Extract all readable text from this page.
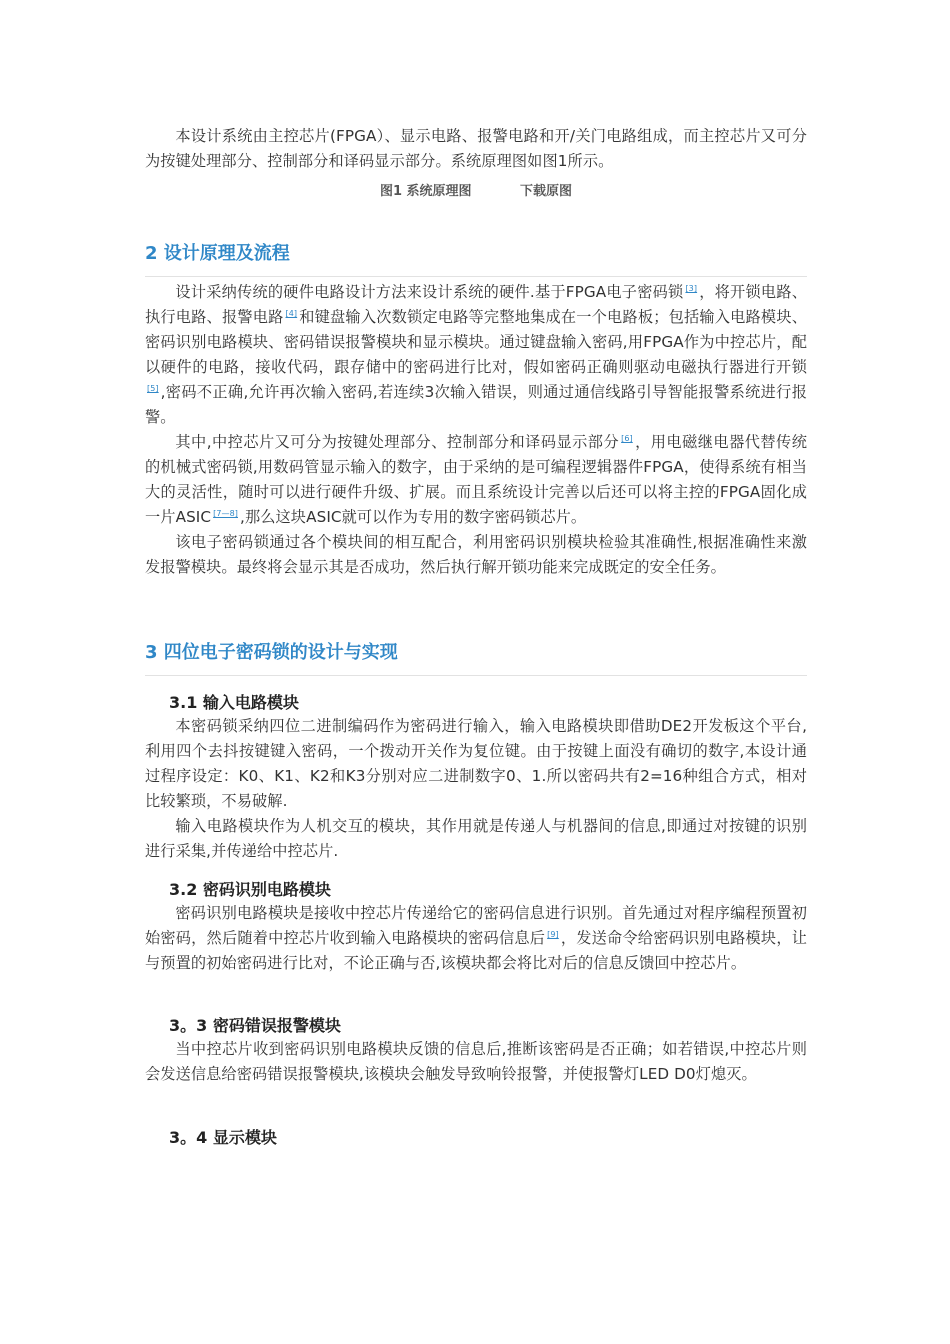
本设计系统由主控芯片(FPGA）、显示电路、报警电路和开/关门电路组成，而主控芯片又可分为按键处理部分、控制部分和译码显示部分。系统原理图如图1所示。

图1 系统原理图	下载原图

2 设计原理及流程

设计采纳传统的硬件电路设计方法来设计系统的硬件.基于FPGA电子密码锁 [3] ，将开锁电路、执行电路、报警电路 [4] 和键盘输入次数锁定电路等完整地集成在一个电路板；包括输入电路模块、密码识别电路模块、密码错误报警模块和显示模块。通过键盘输入密码,用FPGA作为中控芯片，配以硬件的电路，接收代码，跟存储中的密码进行比对，假如密码正确则驱动电磁执行器进行开锁[5] ,密码不正确,允许再次输入密码,若连续3次输入错误，则通过通信线路引导智能报警系统进行报警。

其中,中控芯片又可分为按键处理部分、控制部分和译码显示部分 [6] ，用电磁继电器代替传统的机械式密码锁,用数码管显示输入的数字，由于采纳的是可编程逻辑器件FPGA，使得系统有相当大的灵活性，随时可以进行硬件升级、扩展。而且系统设计完善以后还可以将主控的FPGA固化成一片ASIC [7—8] ,那么这块ASIC就可以作为专用的数字密码锁芯片。

该电子密码锁通过各个模块间的相互配合，利用密码识别模块检验其准确性,根据准确性来激发报警模块。最终将会显示其是否成功，然后执行解开锁功能来完成既定的安全任务。

3 四位电子密码锁的设计与实现
3.1 输入电路模块

本密码锁采纳四位二进制编码作为密码进行输入，输入电路模块即借助DE2开发板这个平台,利用四个去抖按键键入密码，一个拨动开关作为复位键。由于按键上面没有确切的数字,本设计通过程序设定：K0、K1、K2和K3分别对应二进制数字0、1.所以密码共有2=16种组合方式，相对比较繁琐，不易破解.

输入电路模块作为人机交互的模块，其作用就是传递人与机器间的信息,即通过对按键的识别进行采集,并传递给中控芯片.

3.2 密码识别电路模块

密码识别电路模块是接收中控芯片传递给它的密码信息进行识别。首先通过对程序编程预置初始密码，然后随着中控芯片收到输入电路模块的密码信息后 [9] ，发送命令给密码识别电路模块，让与预置的初始密码进行比对，不论正确与否,该模块都会将比对后的信息反馈回中控芯片。

3。3 密码错误报警模块

当中控芯片收到密码识别电路模块反馈的信息后,推断该密码是否正确；如若错误,中控芯片则会发送信息给密码错误报警模块,该模块会触发导致响铃报警，并使报警灯LED D0灯熄灭。

3。4 显示模块
